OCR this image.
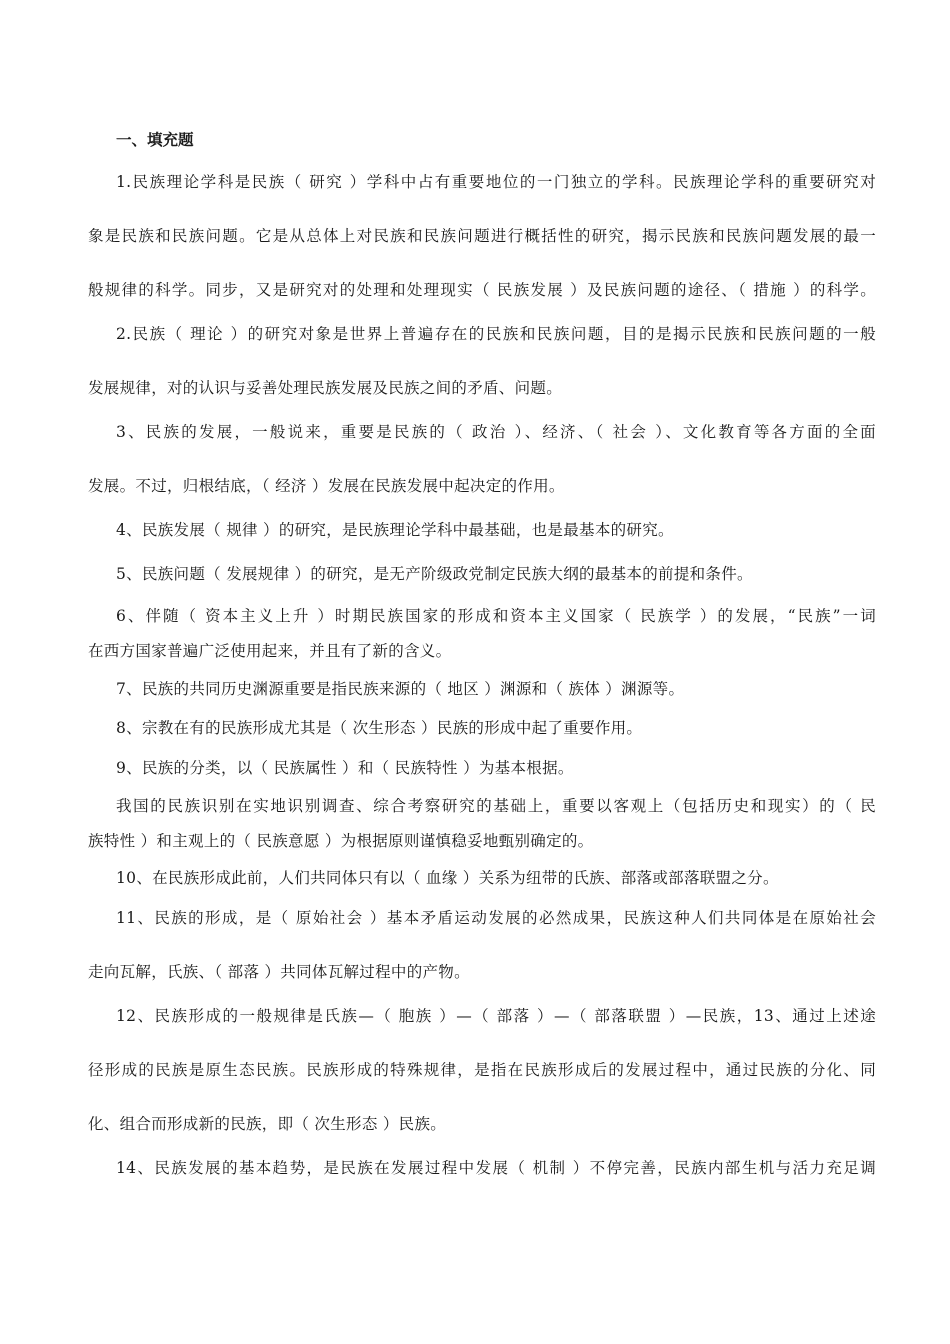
一、填充题
1.民族理论学科是民族（ 研究 ）学科中占有重要地位的一门独立的学科。民族理论学科的重要研究对
象是民族和民族问题。它是从总体上对民族和民族问题进行概括性的研究，揭示民族和民族问题发展的最一
般规律的科学。同步，又是研究对的处理和处理现实（ 民族发展 ）及民族问题的途径、（ 措施 ）的科学。
2.民族（ 理论 ）的研究对象是世界上普遍存在的民族和民族问题，目的是揭示民族和民族问题的一般
发展规律，对的认识与妥善处理民族发展及民族之间的矛盾、问题。
3、民族的发展，一般说来，重要是民族的（ 政治 ）、经济、（ 社会 ）、文化教育等各方面的全面
发展。不过，归根结底，（ 经济 ）发展在民族发展中起决定的作用。
4、民族发展（ 规律 ）的研究，是民族理论学科中最基础，也是最基本的研究。
5、民族问题（ 发展规律 ）的研究，是无产阶级政党制定民族大纲的最基本的前提和条件。
6、伴随（ 资本主义上升 ）时期民族国家的形成和资本主义国家（ 民族学 ）的发展，“民族”一词
在西方国家普遍广泛使用起来，并且有了新的含义。
7、民族的共同历史渊源重要是指民族来源的（ 地区 ）渊源和（ 族体 ）渊源等。
8、宗教在有的民族形成尤其是（ 次生形态 ）民族的形成中起了重要作用。
9、民族的分类，以（ 民族属性 ）和（ 民族特性 ）为基本根据。
我国的民族识别在实地识别调查、综合考察研究的基础上，重要以客观上（包括历史和现实）的（ 民
族特性 ）和主观上的（ 民族意愿 ）为根据原则谨慎稳妥地甄别确定的。
10、在民族形成此前，人们共同体只有以（ 血缘 ）关系为纽带的氏族、部落或部落联盟之分。
11、民族的形成，是（ 原始社会 ）基本矛盾运动发展的必然成果，民族这种人们共同体是在原始社会
走向瓦解，氏族、（ 部落 ）共同体瓦解过程中的产物。
12、民族形成的一般规律是氏族—（ 胞族 ）—（ 部落 ）—（ 部落联盟 ）—民族，13、通过上述途
径形成的民族是原生态民族。民族形成的特殊规律，是指在民族形成后的发展过程中，通过民族的分化、同
化、组合而形成新的民族，即（ 次生形态 ）民族。
14、民族发展的基本趋势，是民族在发展过程中发展（ 机制 ）不停完善，民族内部生机与活力充足调
